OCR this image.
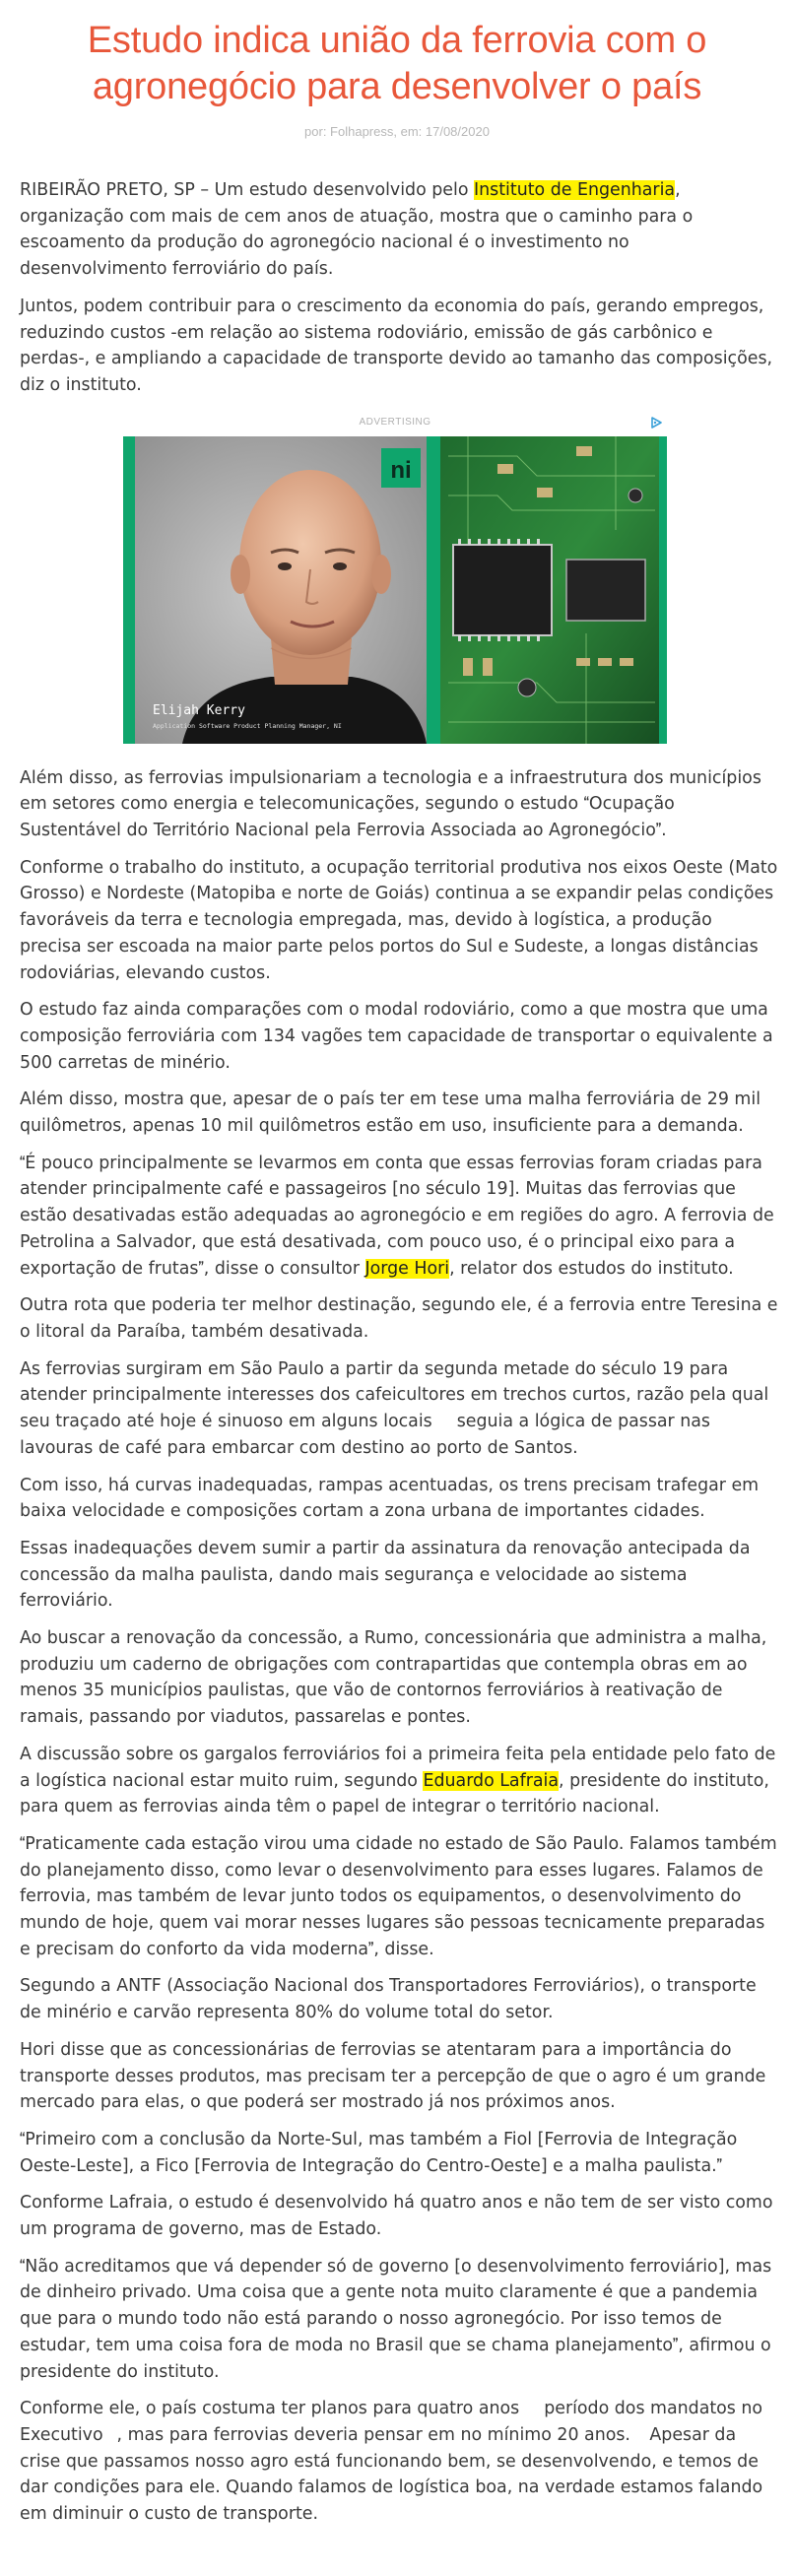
Estudo indica união da ferrovia com o agronegócio para desenvolver o país
por: Folhapress, em: 17/08/2020

RIBEIRÃO PRETO, SP – Um estudo desenvolvido pelo Instituto de Engenharia, organização com mais de cem anos de atuação, mostra que o caminho para o escoamento da produção do agronegócio nacional é o investimento no desenvolvimento ferroviário do país.

Juntos, podem contribuir para o crescimento da economia do país, gerando empregos, reduzindo custos -em relação ao sistema rodoviário, emissão de gás carbônico e perdas-, e ampliando a capacidade de transporte devido ao tamanho das composições, diz o instituto.

ADVERTISING
ni
Elijah Kerry
Application Software Product Planning Manager, NI

Além disso, as ferrovias impulsionariam a tecnologia e a infraestrutura dos municípios em setores como energia e telecomunicações, segundo o estudo Ocupação Sustentável do Território Nacional pela Ferrovia Associada ao Agronegócio.

Conforme o trabalho do instituto, a ocupação territorial produtiva nos eixos Oeste (Mato Grosso) e Nordeste (Matopiba e norte de Goiás) continua a se expandir pelas condições favoráveis da terra e tecnologia empregada, mas, devido à logística, a produção precisa ser escoada na maior parte pelos portos do Sul e Sudeste, a longas distâncias rodoviárias, elevando custos.

O estudo faz ainda comparações com o modal rodoviário, como a que mostra que uma composição ferroviária com 134 vagões tem capacidade de transportar o equivalente a 500 carretas de minério.

Além disso, mostra que, apesar de o país ter em tese uma malha ferroviária de 29 mil quilômetros, apenas 10 mil quilômetros estão em uso, insuficiente para a demanda.

É pouco principalmente se levarmos em conta que essas ferrovias foram criadas para atender principalmente café e passageiros [no século 19]. Muitas das ferrovias que estão desativadas estão adequadas ao agronegócio e em regiões do agro. A ferrovia de Petrolina a Salvador, que está desativada, com pouco uso, é o principal eixo para a exportação de frutas, disse o consultor Jorge Hori, relator dos estudos do instituto.

Outra rota que poderia ter melhor destinação, segundo ele, é a ferrovia entre Teresina e o litoral da Paraíba, também desativada.

As ferrovias surgiram em São Paulo a partir da segunda metade do século 19 para atender principalmente interesses dos cafeicultores em trechos curtos, razão pela qual seu traçado até hoje é sinuoso em alguns locais  seguia a lógica de passar nas lavouras de café para embarcar com destino ao porto de Santos.

Com isso, há curvas inadequadas, rampas acentuadas, os trens precisam trafegar em baixa velocidade e composições cortam a zona urbana de importantes cidades.

Essas inadequações devem sumir a partir da assinatura da renovação antecipada da concessão da malha paulista, dando mais segurança e velocidade ao sistema ferroviário.

Ao buscar a renovação da concessão, a Rumo, concessionária que administra a malha, produziu um caderno de obrigações com contrapartidas que contempla obras em ao menos 35 municípios paulistas, que vão de contornos ferroviários à reativação de ramais, passando por viadutos, passarelas e pontes.

A discussão sobre os gargalos ferroviários foi a primeira feita pela entidade pelo fato de a logística nacional estar muito ruim, segundo Eduardo Lafraia, presidente do instituto, para quem as ferrovias ainda têm o papel de integrar o território nacional.

Praticamente cada estação virou uma cidade no estado de São Paulo. Falamos também do planejamento disso, como levar o desenvolvimento para esses lugares. Falamos de ferrovia, mas também de levar junto todos os equipamentos, o desenvolvimento do mundo de hoje, quem vai morar nesses lugares são pessoas tecnicamente preparadas e precisam do conforto da vida moderna, disse.

Segundo a ANTF (Associação Nacional dos Transportadores Ferroviários), o transporte de minério e carvão representa 80% do volume total do setor.

Hori disse que as concessionárias de ferrovias se atentaram para a importância do transporte desses produtos, mas precisam ter a percepção de que o agro é um grande mercado para elas, o que poderá ser mostrado já nos próximos anos.

Primeiro com a conclusão da Norte-Sul, mas também a Fiol [Ferrovia de Integração Oeste-Leste], a Fico [Ferrovia de Integração do Centro-Oeste] e a malha paulista.

Conforme Lafraia, o estudo é desenvolvido há quatro anos e não tem de ser visto como um programa de governo, mas de Estado.

Não acreditamos que vá depender só de governo [o desenvolvimento ferroviário], mas de dinheiro privado. Uma coisa que a gente nota muito claramente é que a pandemia que para o mundo todo não está parando o nosso agronegócio. Por isso temos de estudar, tem uma coisa fora de moda no Brasil que se chama planejamento, afirmou o presidente do instituto.

Conforme ele, o país costuma ter planos para quatro anos  período dos mandatos no Executivo, mas para ferrovias deveria pensar em no mínimo 20 anos. Apesar da crise que passamos nosso agro está funcionando bem, se desenvolvendo, e temos de dar condições para ele. Quando falamos de logística boa, na verdade estamos falando em diminuir o custo de transporte.
